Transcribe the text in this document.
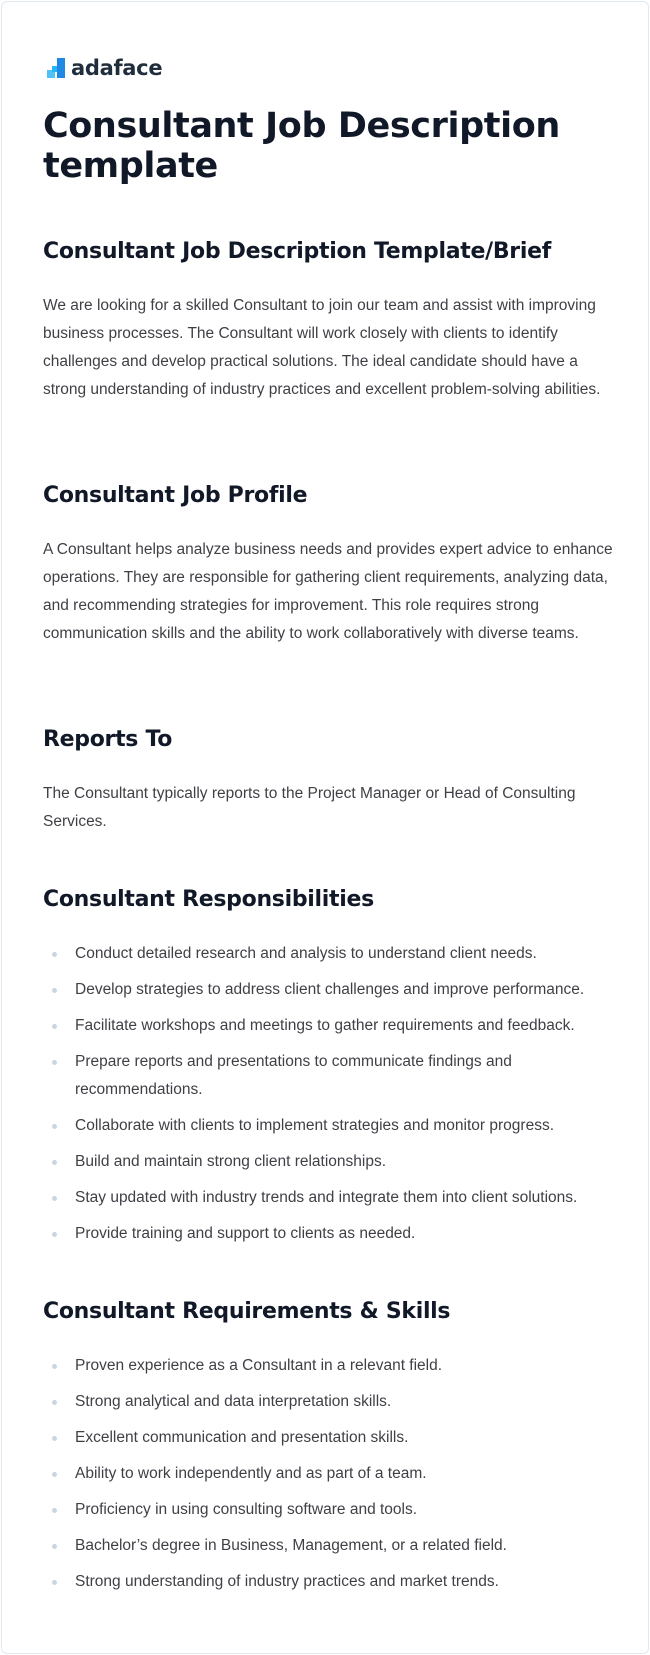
adaface
Consultant Job Description template
Consultant Job Description Template/Brief

We are looking for a skilled Consultant to join our team and assist with improving business processes. The Consultant will work closely with clients to identify challenges and develop practical solutions. The ideal candidate should have a strong understanding of industry practices and excellent problem-solving abilities.

Consultant Job Profile

A Consultant helps analyze business needs and provides expert advice to enhance operations. They are responsible for gathering client requirements, analyzing data, and recommending strategies for improvement. This role requires strong communication skills and the ability to work collaboratively with diverse teams.

Reports To

The Consultant typically reports to the Project Manager or Head of Consulting Services.

Consultant Responsibilities
Conduct detailed research and analysis to understand client needs.
Develop strategies to address client challenges and improve performance.
Facilitate workshops and meetings to gather requirements and feedback.
Prepare reports and presentations to communicate findings and recommendations.
Collaborate with clients to implement strategies and monitor progress.
Build and maintain strong client relationships.
Stay updated with industry trends and integrate them into client solutions.
Provide training and support to clients as needed.
Consultant Requirements & Skills
Proven experience as a Consultant in a relevant field.
Strong analytical and data interpretation skills.
Excellent communication and presentation skills.
Ability to work independently and as part of a team.
Proficiency in using consulting software and tools.
Bachelor’s degree in Business, Management, or a related field.
Strong understanding of industry practices and market trends.
